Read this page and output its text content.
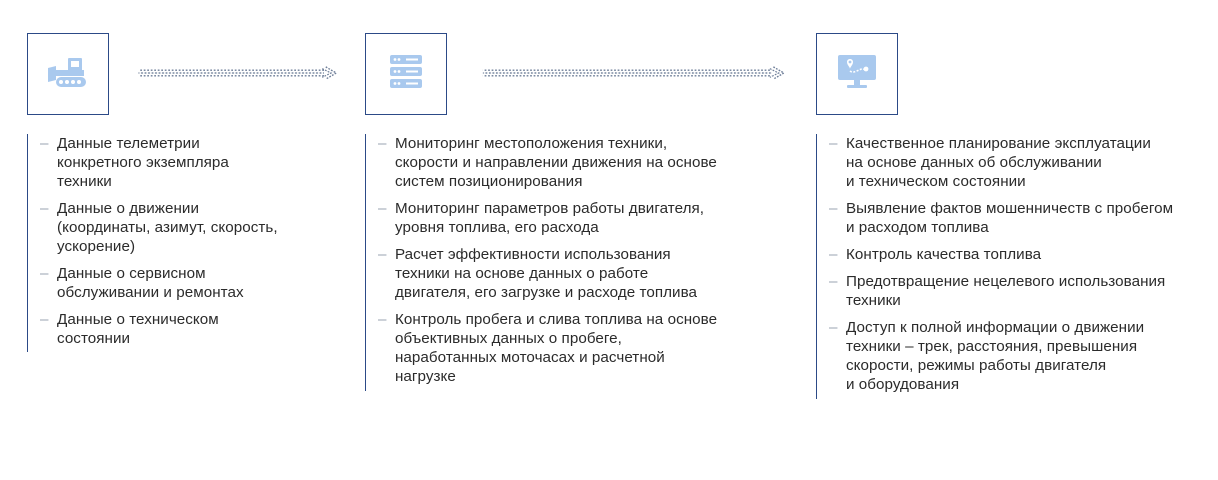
– Данные телеметрии
конкретного экземпляра
техники
– Данные о движении
(координаты, азимут, скорость,
ускорение)
– Данные о сервисном
обслуживании и ремонтах
– Данные о техническом
состоянии
– Мониторинг местоположения техники,
скорости и направлении движения на основе
систем позиционирования
– Мониторинг параметров работы двигателя,
уровня топлива, его расхода
– Расчет эффективности использования
техники на основе данных о работе
двигателя, его загрузке и расходе топлива
– Контроль пробега и слива топлива на основе
объективных данных о пробеге,
наработанных моточасах и расчетной
нагрузке
– Качественное планирование эксплуатации
на основе данных об обслуживании
и техническом состоянии
– Выявление фактов мошенничеств с пробегом
и расходом топлива
– Контроль качества топлива
– Предотвращение нецелевого использования
техники
– Доступ к полной информации о движении
техники – трек, расстояния, превышения
скорости, режимы работы двигателя
и оборудования
